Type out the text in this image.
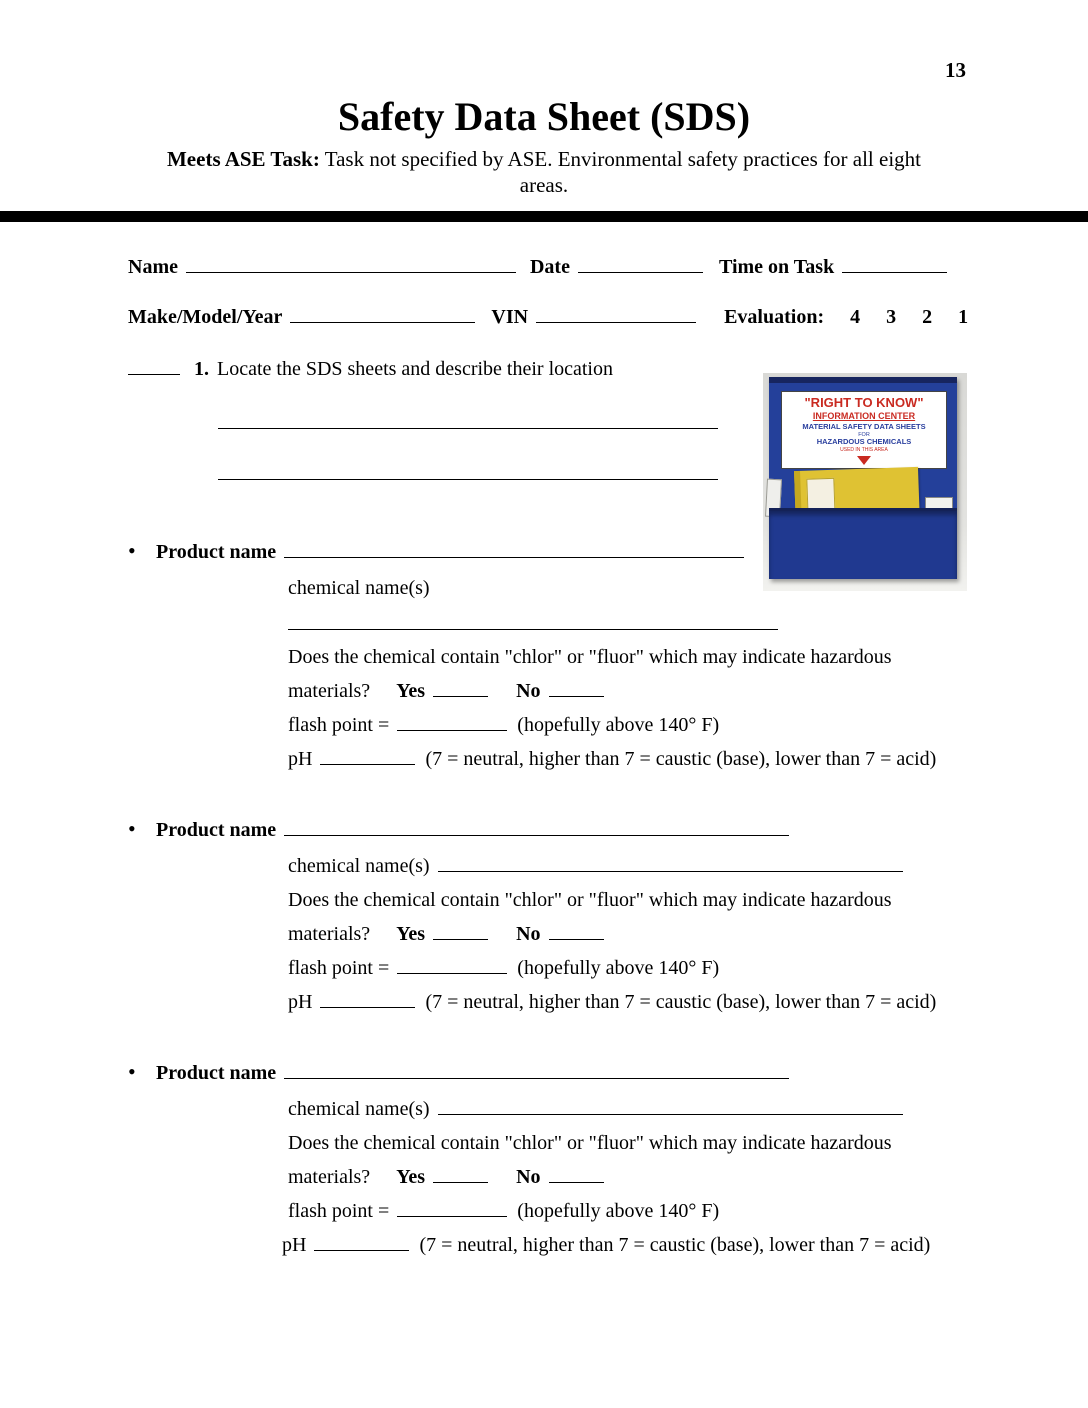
13
Safety Data Sheet (SDS)

Meets ASE Task: Task not specified by ASE. Environmental safety practices for all eight areas.

Name	Date	Time on Task
Make/Model/Year	VIN	Evaluation: 4 3 2 1
1. Locate the SDS sheets and describe their location
• Product name
chemical name(s)
Does the chemical contain "chlor" or "fluor" which may indicate hazardous
materials? Yes	No
flash point =	(hopefully above 140° F)
pH	(7 = neutral, higher than 7 = caustic (base), lower than 7 = acid)
• Product name
chemical name(s)
Does the chemical contain "chlor" or "fluor" which may indicate hazardous
materials? Yes	No
flash point =	(hopefully above 140° F)
pH	(7 = neutral, higher than 7 = caustic (base), lower than 7 = acid)
• Product name
chemical name(s)
Does the chemical contain "chlor" or "fluor" which may indicate hazardous
materials? Yes	No
flash point =	(hopefully above 140° F)
pH	(7 = neutral, higher than 7 = caustic (base), lower than 7 = acid)
"RIGHT TO KNOW"
INFORMATION CENTER
MATERIAL SAFETY DATA SHEETS
FOR
HAZARDOUS CHEMICALS
USED IN THIS AREA
